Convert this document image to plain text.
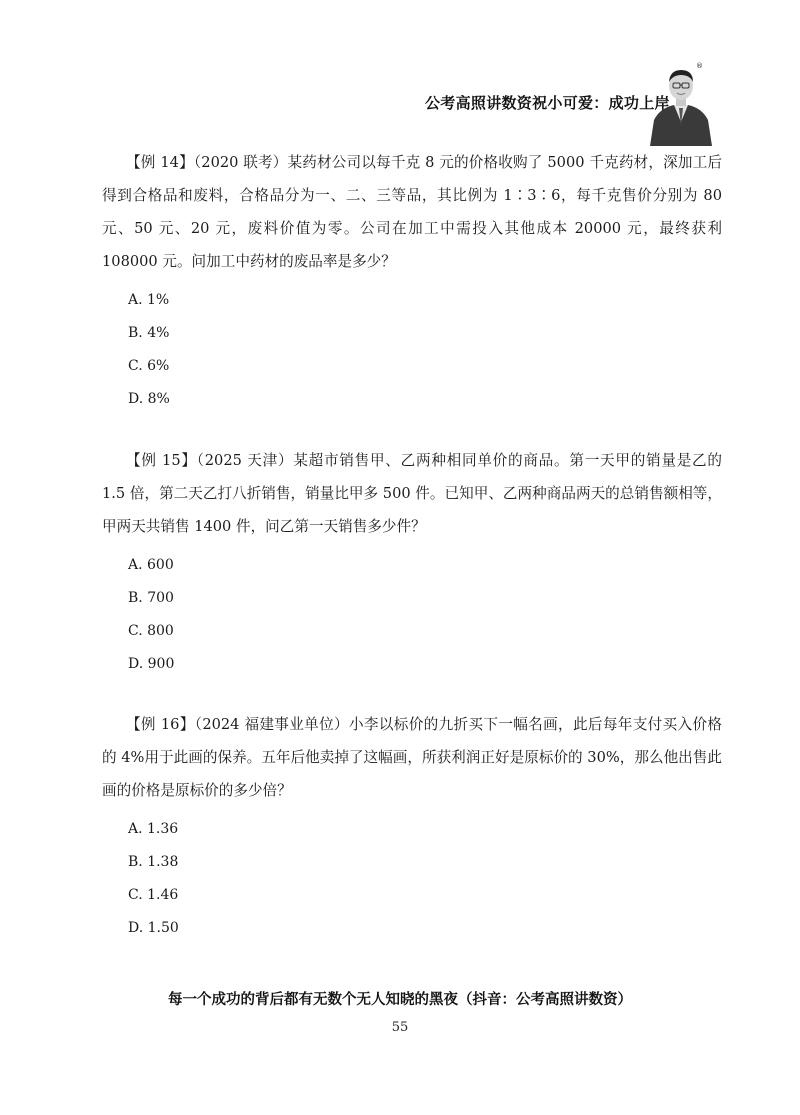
®
公考高照讲数资祝小可爱：成功上岸

【例 14】（2020 联考）某药材公司以每千克 8 元的价格收购了 5000 千克药材，深加工后得到合格品和废料，合格品分为一、二、三等品，其比例为 1∶3∶6，每千克售价分别为 80 元、50 元、20 元，废料价值为零。公司在加工中需投入其他成本 20000 元，最终获利 108000 元。问加工中药材的废品率是多少？

A. 1%
B. 4%
C. 6%
D. 8%

【例 15】（2025 天津）某超市销售甲、乙两种相同单价的商品。第一天甲的销量是乙的 1.5 倍，第二天乙打八折销售，销量比甲多 500 件。已知甲、乙两种商品两天的总销售额相等，甲两天共销售 1400 件，问乙第一天销售多少件？

A. 600
B. 700
C. 800
D. 900

【例 16】（2024 福建事业单位）小李以标价的九折买下一幅名画，此后每年支付买入价格的 4%用于此画的保养。五年后他卖掉了这幅画，所获利润正好是原标价的 30%，那么他出售此画的价格是原标价的多少倍？

A. 1.36
B. 1.38
C. 1.46
D. 1.50
每一个成功的背后都有无数个无人知晓的黑夜（抖音：公考高照讲数资）
55
